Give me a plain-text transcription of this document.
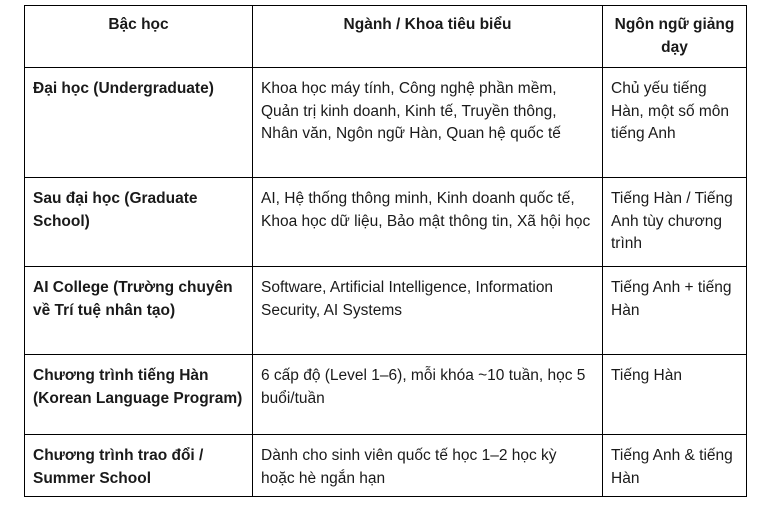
Bậc học	Ngành / Khoa tiêu biểu	Ngôn ngữ giảng dạy
Đại học (Undergraduate)	Khoa học máy tính, Công nghệ phần mềm, Quản trị kinh doanh, Kinh tế, Truyền thông, Nhân văn, Ngôn ngữ Hàn, Quan hệ quốc tế	Chủ yếu tiếng Hàn, một số môn tiếng Anh
Sau đại học (Graduate School)	AI, Hệ thống thông minh, Kinh doanh quốc tế, Khoa học dữ liệu, Bảo mật thông tin, Xã hội học	Tiếng Hàn / Tiếng Anh tùy chương trình
AI College (Trường chuyên về Trí tuệ nhân tạo)	Software, Artificial Intelligence, Information Security, AI Systems	Tiếng Anh + tiếng Hàn
Chương trình tiếng Hàn (Korean Language Program)	6 cấp độ (Level 1–6), mỗi khóa ~10 tuần, học 5 buổi/tuần	Tiếng Hàn
Chương trình trao đổi / Summer School	Dành cho sinh viên quốc tế học 1–2 học kỳ hoặc hè ngắn hạn	Tiếng Anh & tiếng Hàn
